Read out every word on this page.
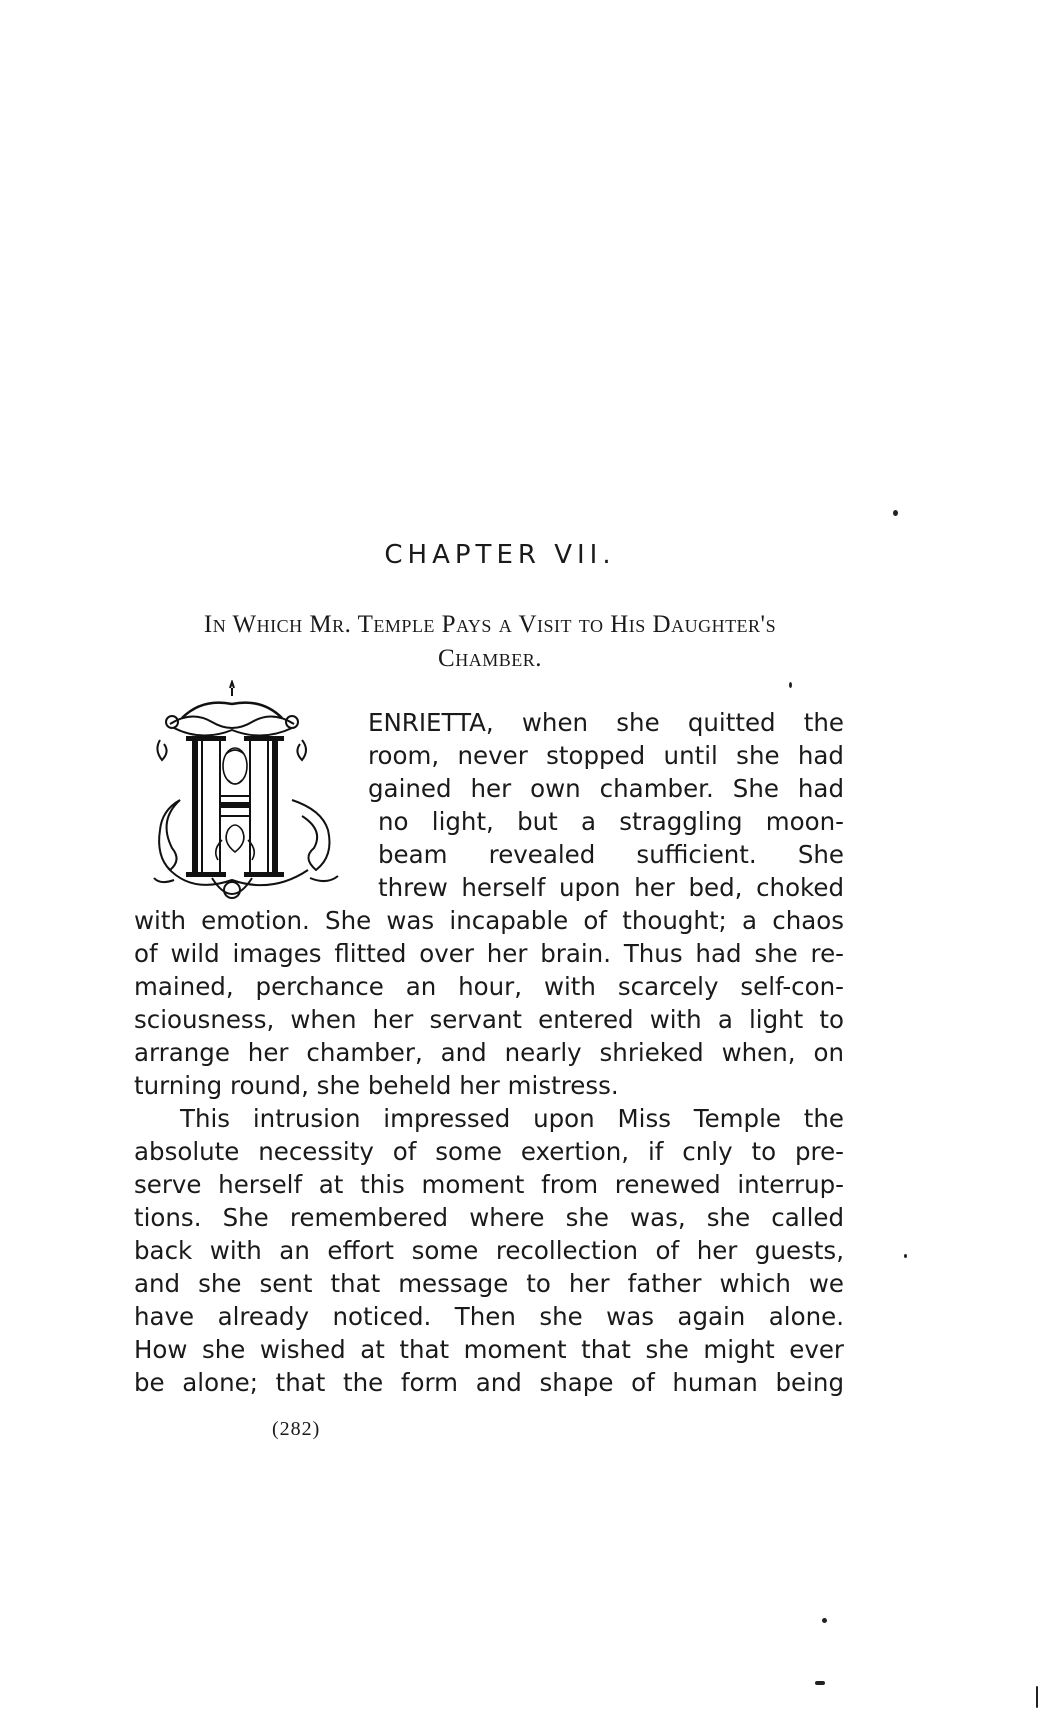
CHAPTER VII.
In Which Mr. Temple Pays a Visit to His Daughter's
Chamber.
ENRIETTA, when she quitted the
room, never stopped until she had
gained her own chamber. She had
no light, but a straggling moon-
beam revealed sufficient. She
threw herself upon her bed, choked
with emotion. She was incapable of thought; a chaos
of wild images flitted over her brain. Thus had she re-
mained, perchance an hour, with scarcely self-con-
sciousness, when her servant entered with a light to
arrange her chamber, and nearly shrieked when, on
turning round, she beheld her mistress.
This intrusion impressed upon Miss Temple the
absolute necessity of some exertion, if ϲnly to pre-
serve herself at this moment from renewed interrup-
tions. She remembered where she was, she called
back with an effort some recollection of her guests,
and she sent that message to her father which we
have already noticed. Then she was again alone.
How she wished at that moment that she might ever
be alone; that the form and shape of human being
(282)
